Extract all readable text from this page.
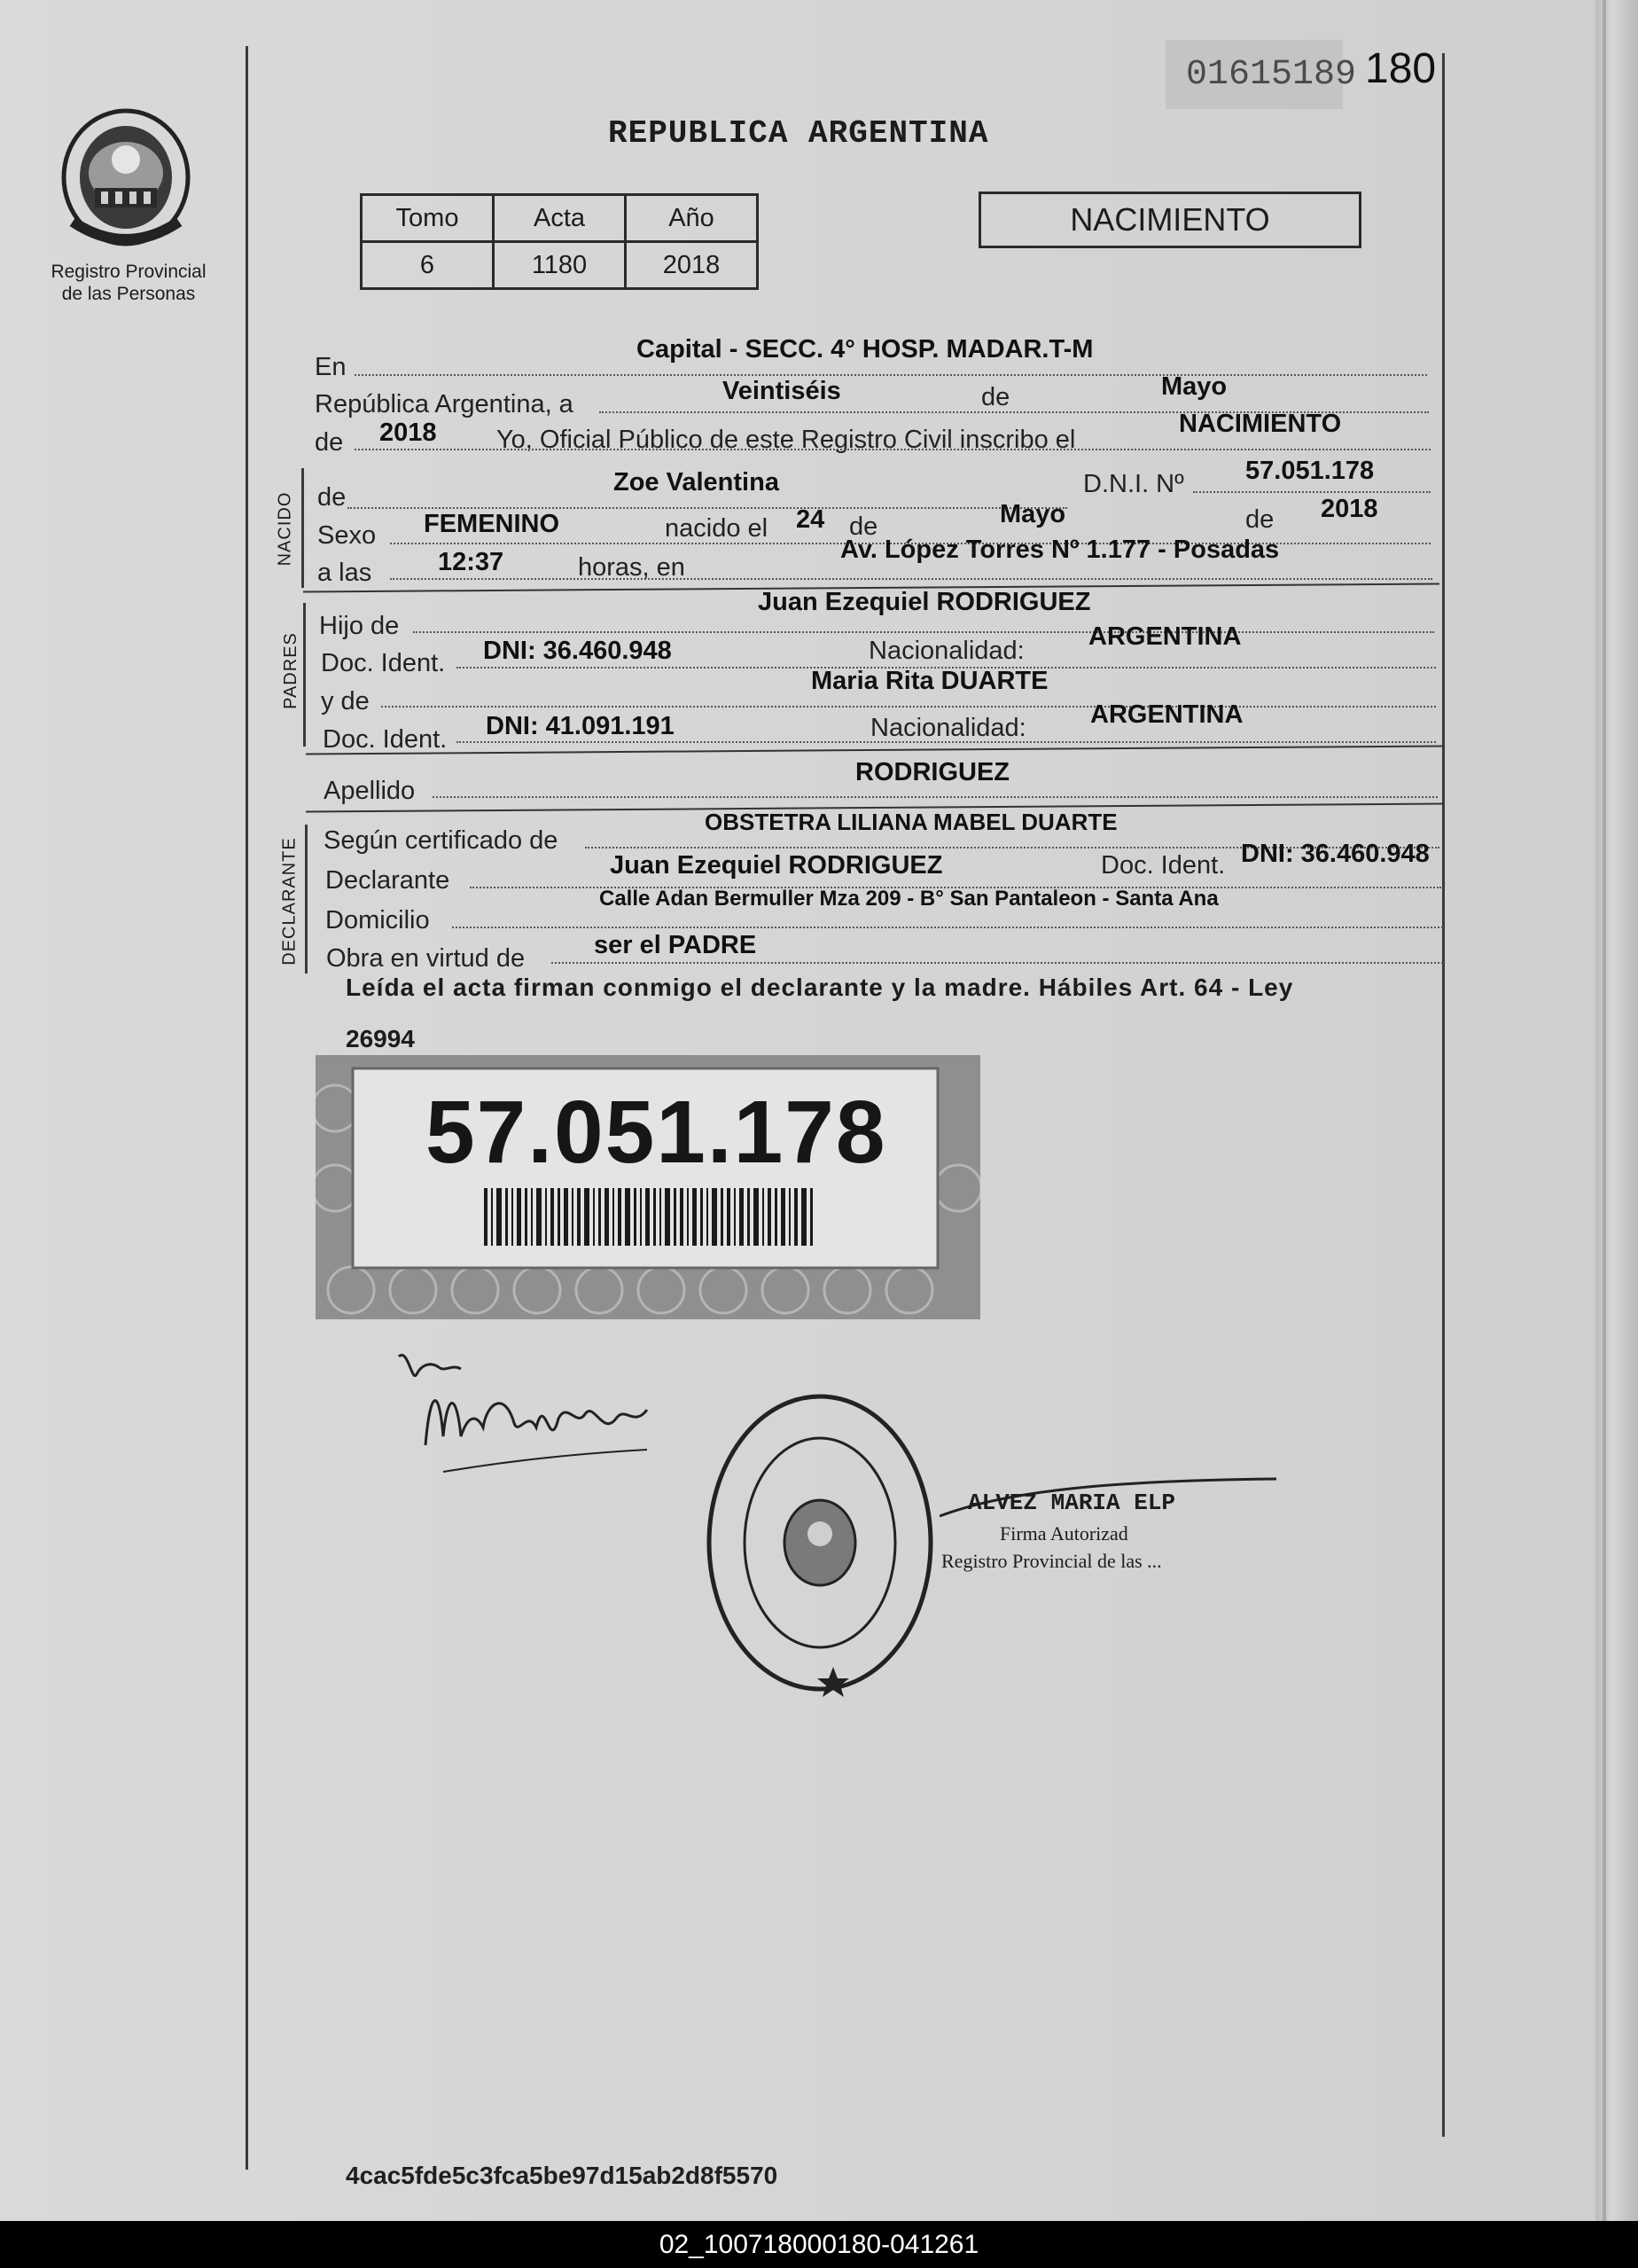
01615189 180
REPUBLICA ARGENTINA
Registro Provincial
de las Personas
Tomo	Acta	Año
6	1180	2018
NACIMIENTO
En
Capital - SECC. 4° HOSP. MADAR.T-M
República Argentina, a	Veintiséis	de	Mayo
de 2018 Yo, Oficial Público de este Registro Civil inscribo el
NACIMIENTO
NACIDO de
Zoe Valentina	D.N.I. Nº 57.051.178
Sexo FEMENINO	nacido el 24 de	Mayo	de 2018
a las	12:37	horas, en
Av. López Torres Nº 1.177 - Posadas
PADRES
Hijo de
Juan Ezequiel RODRIGUEZ
Doc. Ident. DNI: 36.460.948	Nacionalidad: ARGENTINA
y de
Maria Rita DUARTE
Doc. Ident. DNI: 41.091.191	Nacionalidad: ARGENTINA
Apellido
RODRIGUEZ
DECLARANTE Según certificado de
OBSTETRA LILIANA MABEL DUARTE
Declarante
Juan Ezequiel RODRIGUEZ	Doc. Ident. DNI: 36.460.948
Domicilio
Calle Adan Bermuller Mza 209 - B° San Pantaleon - Santa Ana
Obra en virtud de	ser el PADRE
Leída el acta firman conmigo el declarante y la madre. Hábiles Art. 64 - Ley
26994
57.051.178
ALVEZ MARIA ELP
Firma Autorizad
Registro Provincial de las ...
4cac5fde5c3fca5be97d15ab2d8f5570
02_100718000180-041261
